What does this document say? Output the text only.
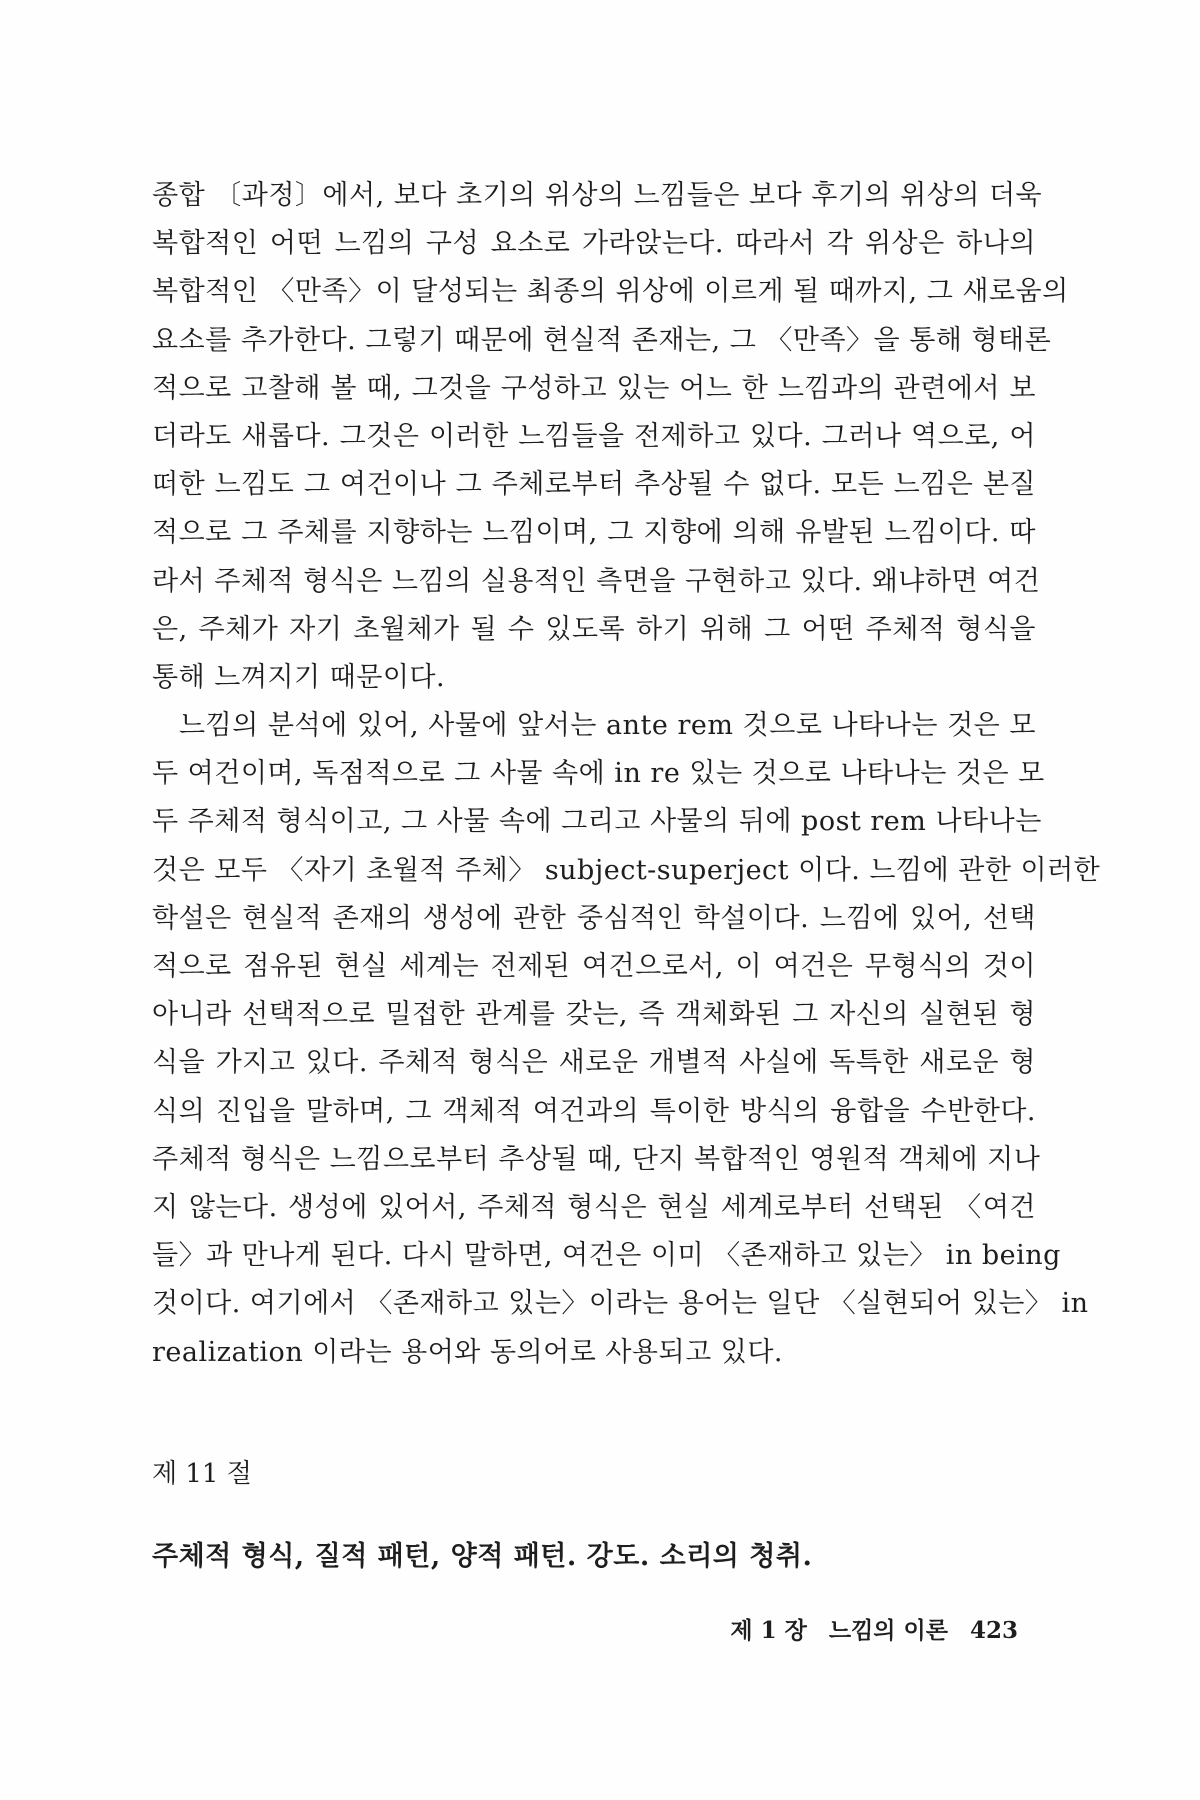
종합 〔과정〕에서, 보다 초기의 위상의 느낌들은 보다 후기의 위상의 더욱
복합적인 어떤 느낌의 구성 요소로 가라앉는다. 따라서 각 위상은 하나의
복합적인 〈만족〉이 달성되는 최종의 위상에 이르게 될 때까지, 그 새로움의
요소를 추가한다. 그렇기 때문에 현실적 존재는, 그 〈만족〉을 통해 형태론
적으로 고찰해 볼 때, 그것을 구성하고 있는 어느 한 느낌과의 관련에서 보
더라도 새롭다. 그것은 이러한 느낌들을 전제하고 있다. 그러나 역으로, 어
떠한 느낌도 그 여건이나 그 주체로부터 추상될 수 없다. 모든 느낌은 본질
적으로 그 주체를 지향하는 느낌이며, 그 지향에 의해 유발된 느낌이다. 따
라서 주체적 형식은 느낌의 실용적인 측면을 구현하고 있다. 왜냐하면 여건
은, 주체가 자기 초월체가 될 수 있도록 하기 위해 그 어떤 주체적 형식을
통해 느껴지기 때문이다.
느낌의 분석에 있어, 사물에 앞서는 ante rem 것으로 나타나는 것은 모
두 여건이며, 독점적으로 그 사물 속에 in re 있는 것으로 나타나는 것은 모
두 주체적 형식이고, 그 사물 속에 그리고 사물의 뒤에 post rem 나타나는
것은 모두 〈자기 초월적 주체〉 subject-superject 이다. 느낌에 관한 이러한
학설은 현실적 존재의 생성에 관한 중심적인 학설이다. 느낌에 있어, 선택
적으로 점유된 현실 세계는 전제된 여건으로서, 이 여건은 무형식의 것이
아니라 선택적으로 밀접한 관계를 갖는, 즉 객체화된 그 자신의 실현된 형
식을 가지고 있다. 주체적 형식은 새로운 개별적 사실에 독특한 새로운 형
식의 진입을 말하며, 그 객체적 여건과의 특이한 방식의 융합을 수반한다.
주체적 형식은 느낌으로부터 추상될 때, 단지 복합적인 영원적 객체에 지나
지 않는다. 생성에 있어서, 주체적 형식은 현실 세계로부터 선택된 〈여건
들〉과 만나게 된다. 다시 말하면, 여건은 이미 〈존재하고 있는〉 in being
것이다. 여기에서 〈존재하고 있는〉이라는 용어는 일단 〈실현되어 있는〉 in
realization 이라는 용어와 동의어로 사용되고 있다.
제 11 절
주체적 형식, 질적 패턴, 양적 패턴. 강도. 소리의 청취.
제 1 장 느낌의 이론 423
